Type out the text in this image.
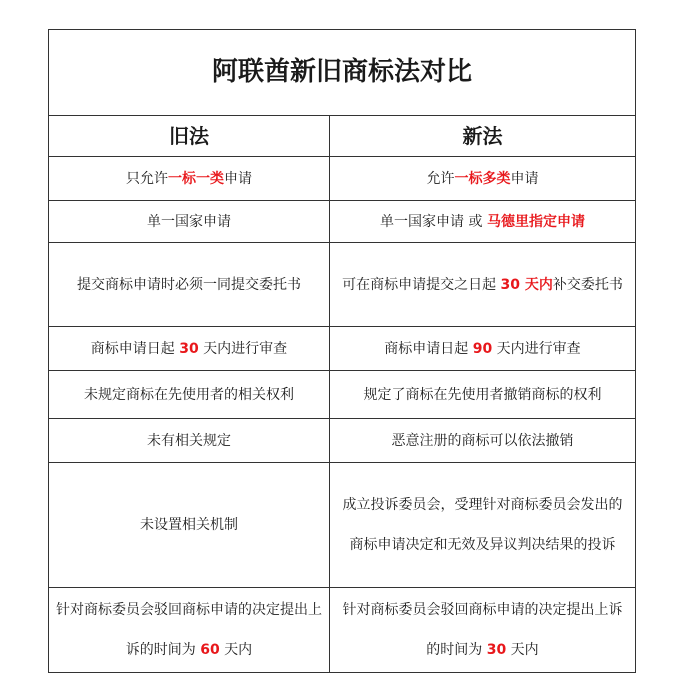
阿联酋新旧商标法对比	
旧法	新法
只允许一标一类申请	允许一标多类申请
单一国家申请	单一国家申请 或 马德里指定申请
提交商标申请时必须一同提交委托书	可在商标申请提交之日起 30 天内补交委托书
商标申请日起 30 天内进行审查	商标申请日起 90 天内进行审查
未规定商标在先使用者的相关权利	规定了商标在先使用者撤销商标的权利
未有相关规定	恶意注册的商标可以依法撤销
未设置相关机制	成立投诉委员会，受理针对商标委员会发出的商标申请决定和无效及异议判决结果的投诉
针对商标委员会驳回商标申请的决定提出上诉的时间为 60 天内	针对商标委员会驳回商标申请的决定提出上诉的时间为 30 天内
